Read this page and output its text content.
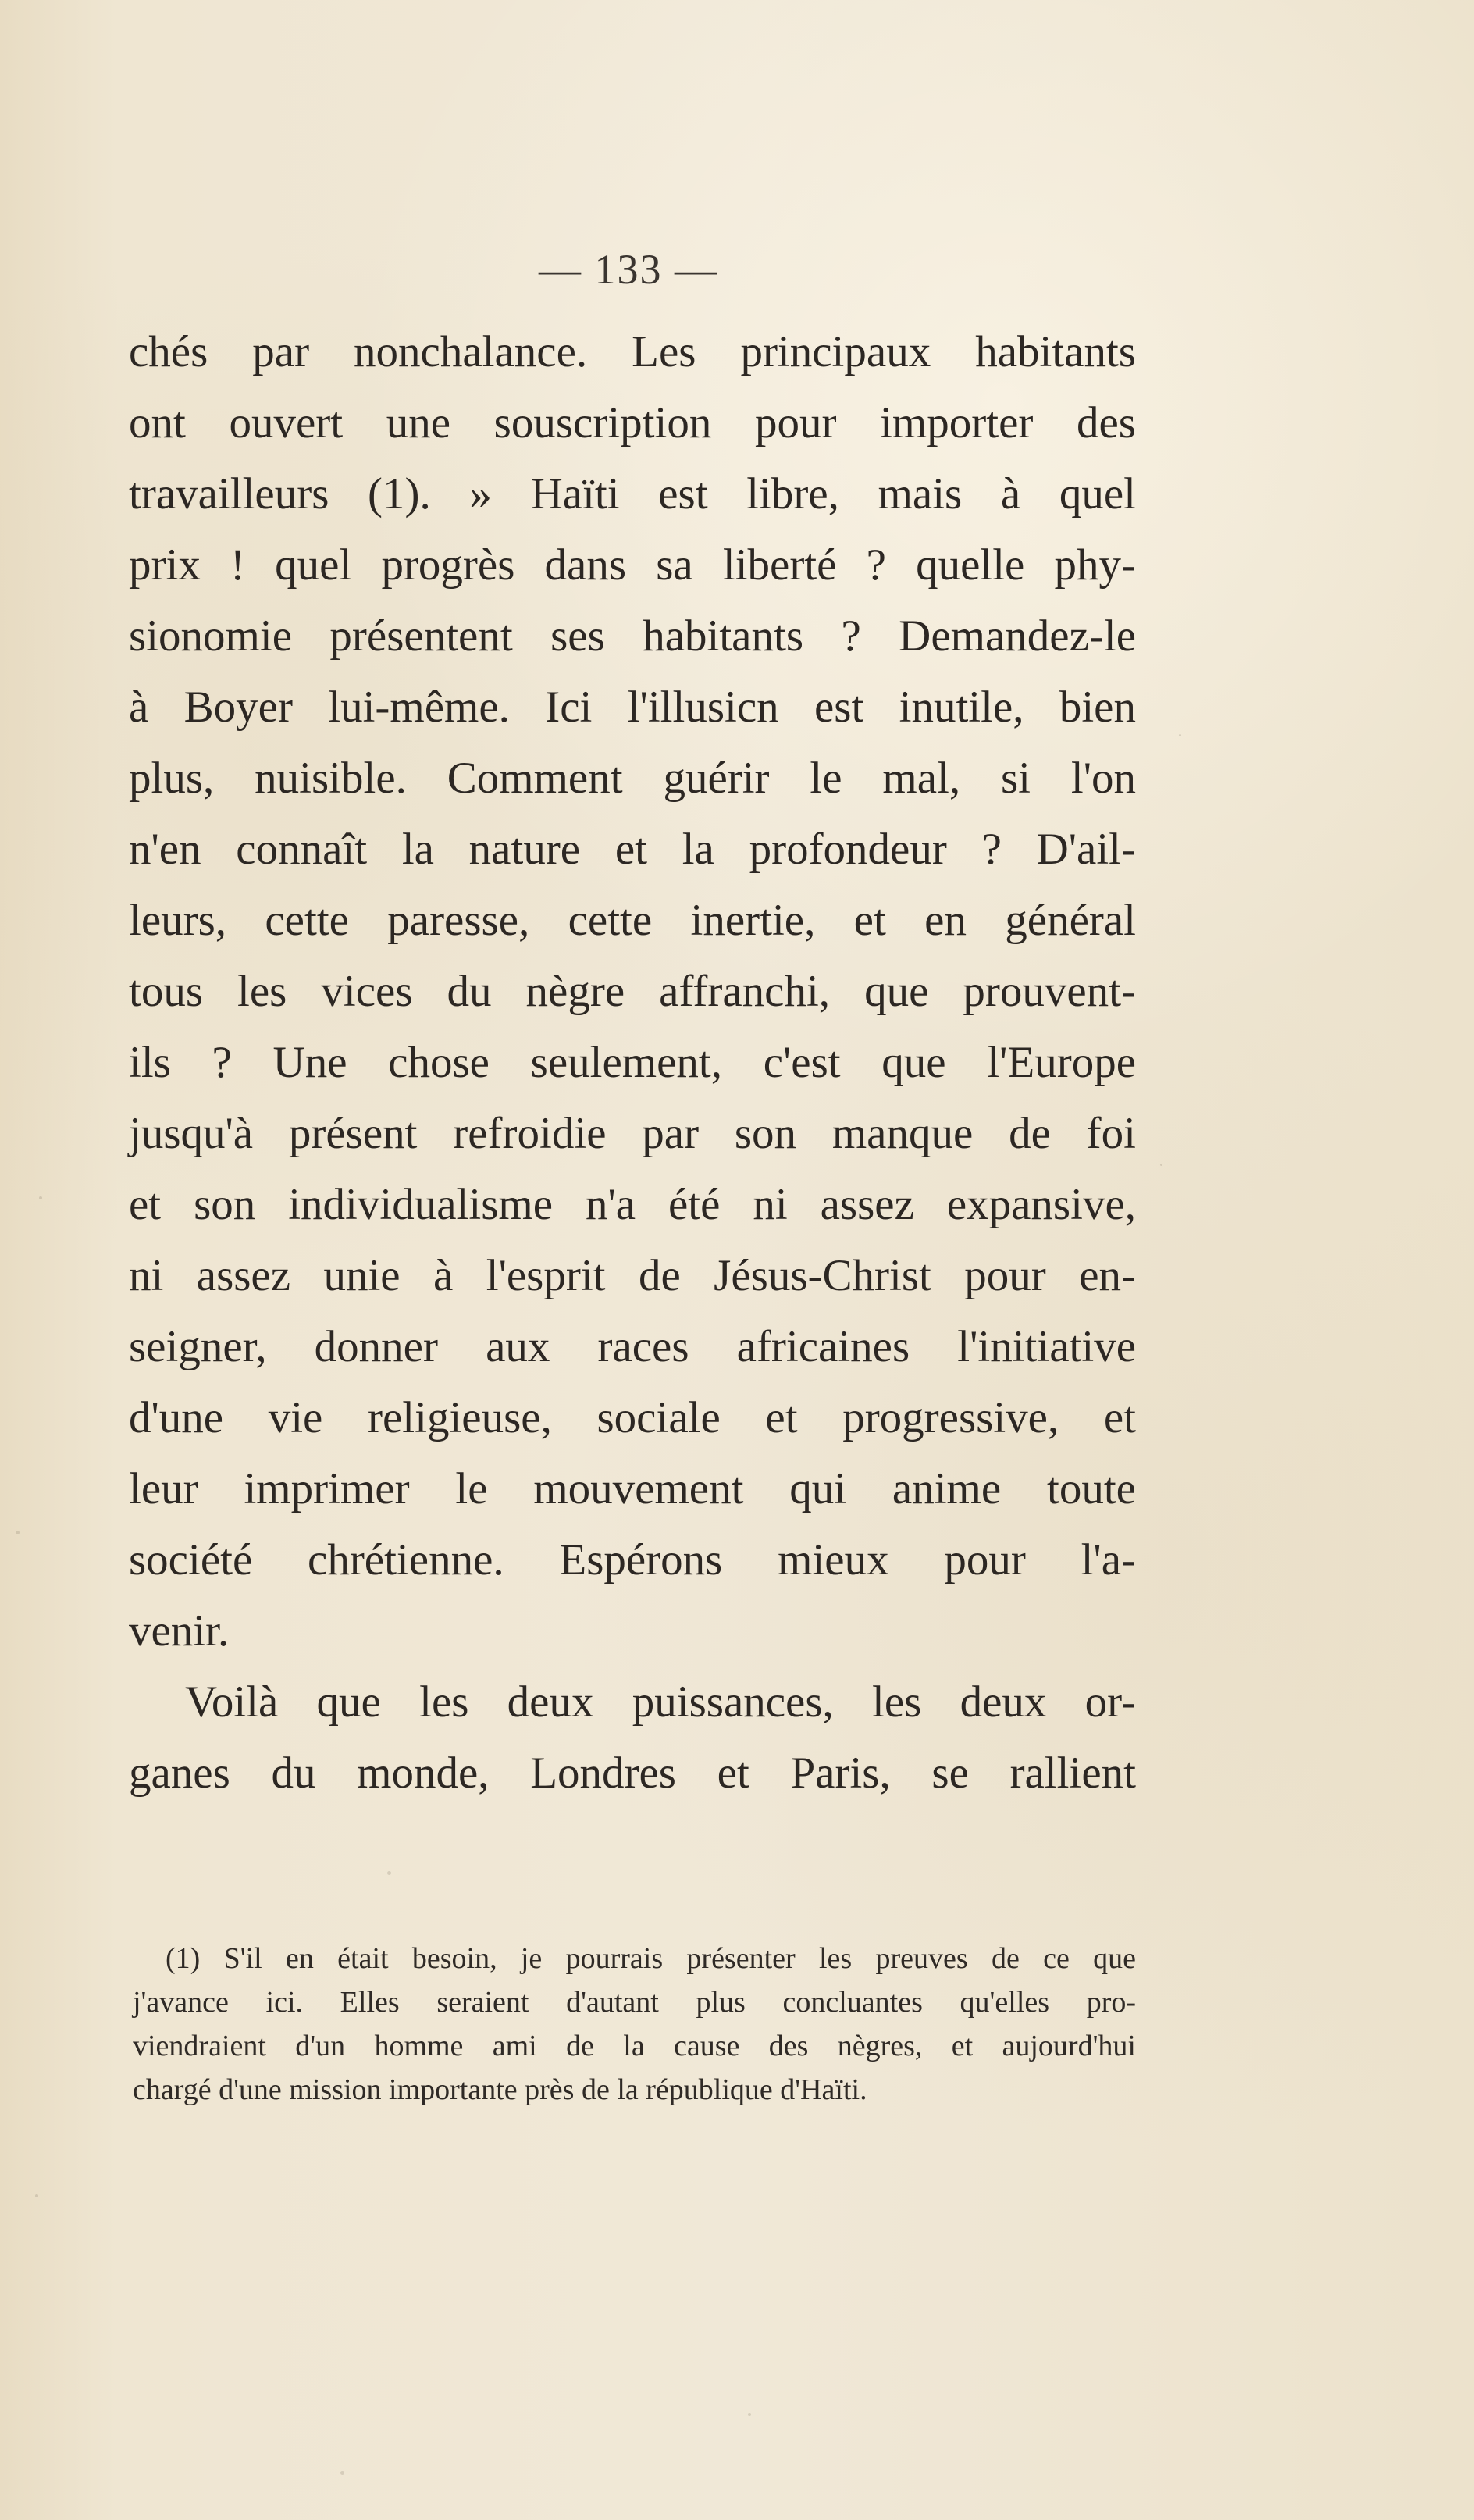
— 133 —
chés par nonchalance. Les principaux habitants
ont ouvert une souscription pour importer des
travailleurs (1). » Haïti est libre, mais à quel
prix ! quel progrès dans sa liberté ? quelle phy-
sionomie présentent ses habitants ? Demandez-le
à Boyer lui-même. Ici l'illusicn est inutile, bien
plus, nuisible. Comment guérir le mal, si l'on
n'en connaît la nature et la profondeur ? D'ail-
leurs, cette paresse, cette inertie, et en général
tous les vices du nègre affranchi, que prouvent-
ils ? Une chose seulement, c'est que l'Europe
jusqu'à présent refroidie par son manque de foi
et son individualisme n'a été ni assez expansive,
ni assez unie à l'esprit de Jésus-Christ pour en-
seigner, donner aux races africaines l'initiative
d'une vie religieuse, sociale et progressive, et
leur imprimer le mouvement qui anime toute
société chrétienne. Espérons mieux pour l'a-
venir.
Voilà que les deux puissances, les deux or-
ganes du monde, Londres et Paris, se rallient
(1) S'il en était besoin, je pourrais présenter les preuves de ce que
j'avance ici. Elles seraient d'autant plus concluantes qu'elles pro-
viendraient d'un homme ami de la cause des nègres, et aujourd'hui
chargé d'une mission importante près de la république d'Haïti.
